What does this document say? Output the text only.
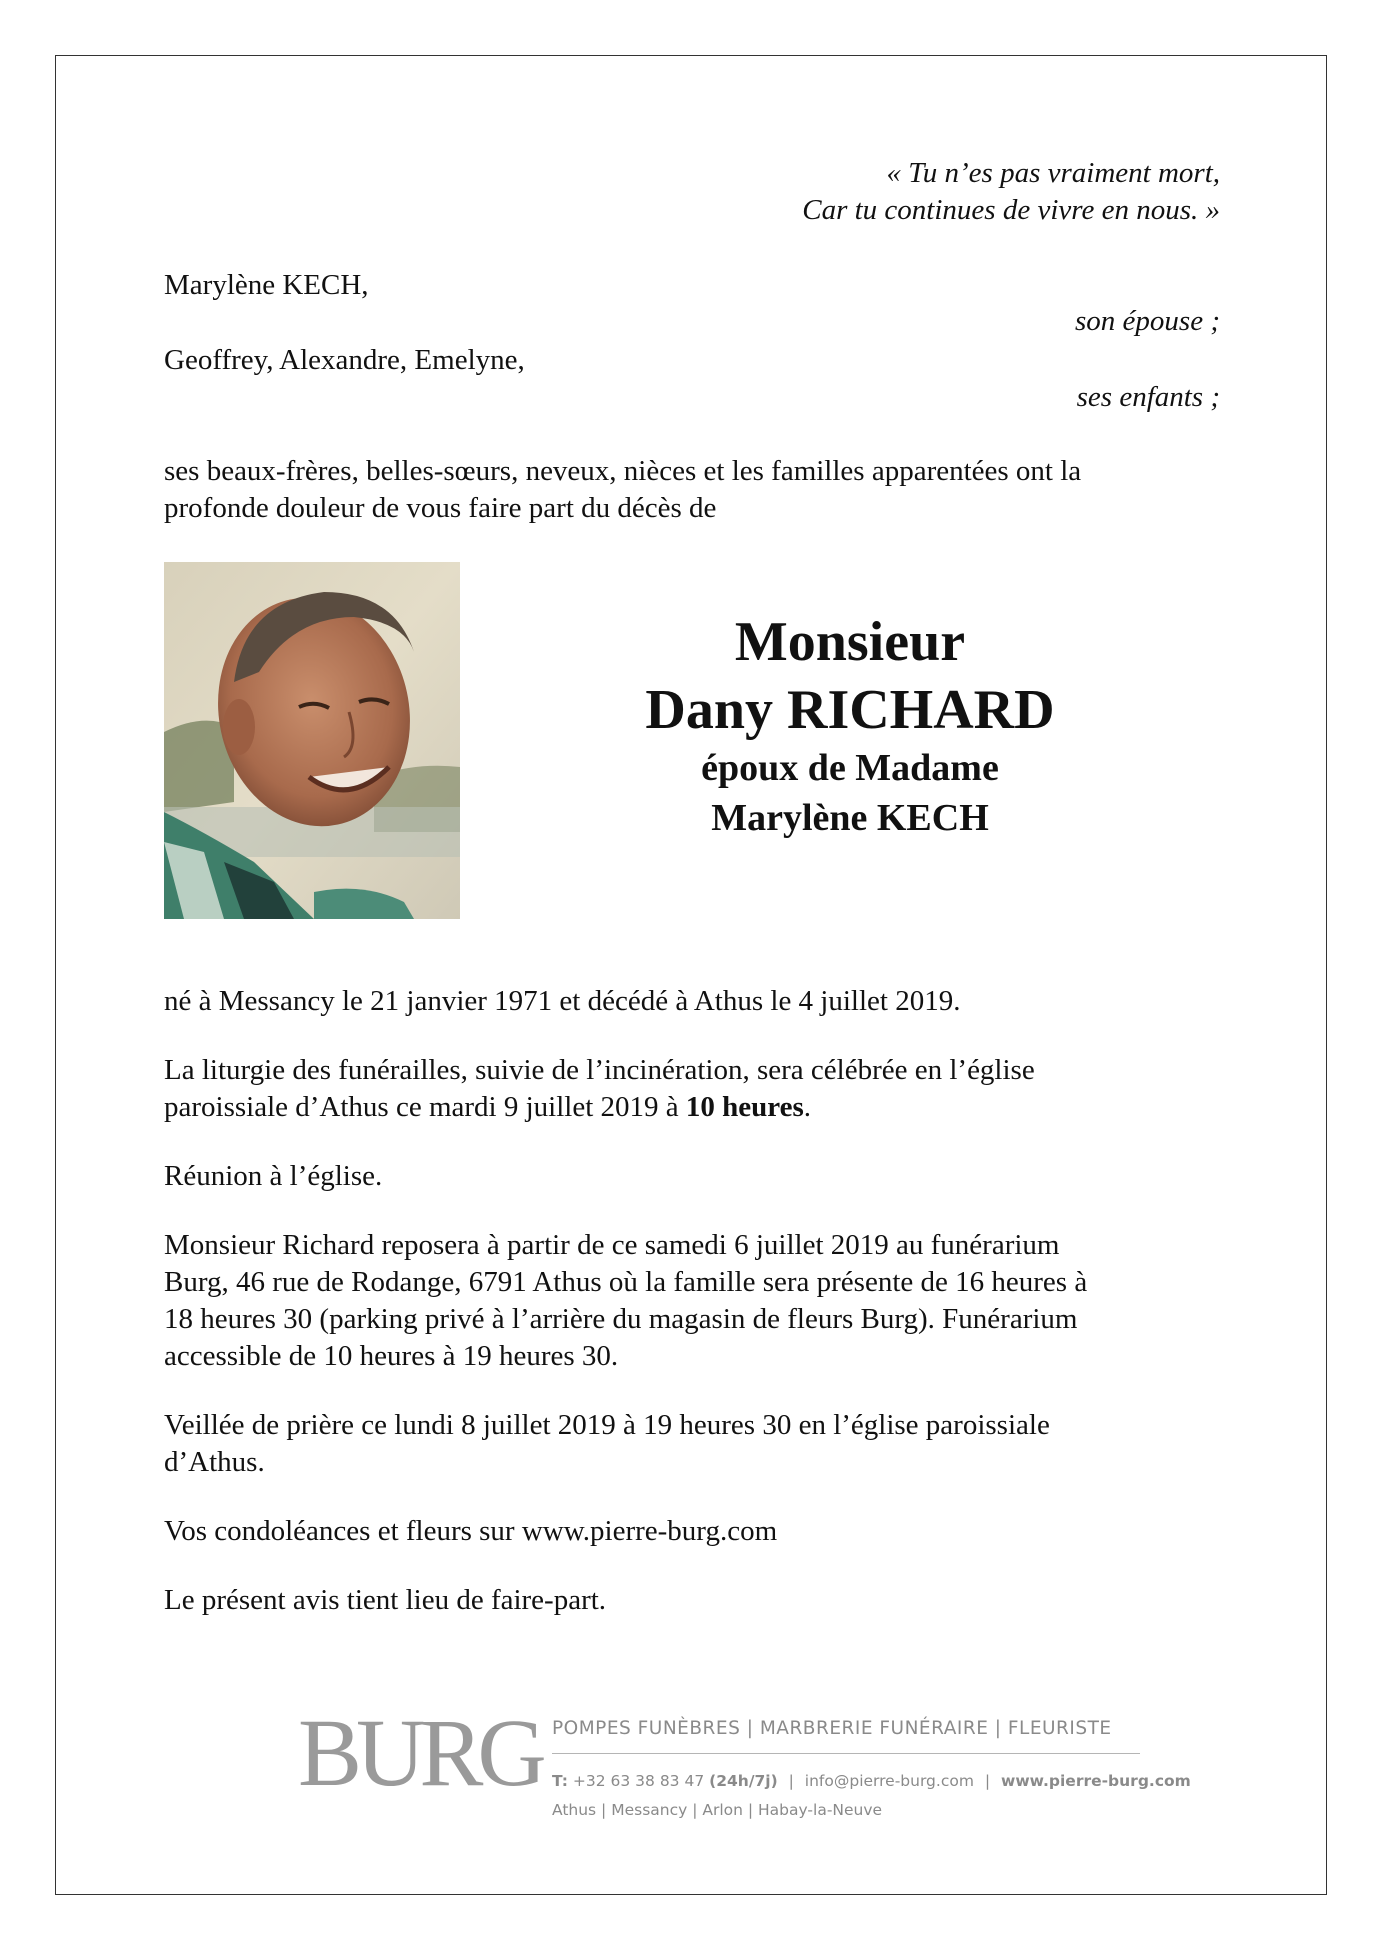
« Tu n’es pas vraiment mort,
Car tu continues de vivre en nous. »
Marylène KECH,
son épouse ;
Geoffrey, Alexandre, Emelyne,
ses enfants ;
ses beaux-frères, belles-sœurs, neveux, nièces et les familles apparentées ont la
profonde douleur de vous faire part du décès de
Monsieur
Dany RICHARD
époux de Madame
Marylène KECH
né à Messancy le 21 janvier 1971 et décédé à Athus le 4 juillet 2019.
La liturgie des funérailles, suivie de l’incinération, sera célébrée en l’église
paroissiale d’Athus ce mardi 9 juillet 2019 à 10 heures.
Réunion à l’église.
Monsieur Richard reposera à partir de ce samedi 6 juillet 2019 au funérarium
Burg, 46 rue de Rodange, 6791 Athus où la famille sera présente de 16 heures à
18 heures 30 (parking privé à l’arrière du magasin de fleurs Burg). Funérarium
accessible de 10 heures à 19 heures 30.
Veillée de prière ce lundi 8 juillet 2019 à 19 heures 30 en l’église paroissiale
d’Athus.
Vos condoléances et fleurs sur www.pierre-burg.com
Le présent avis tient lieu de faire-part.
BURG POMPES FUNÈBRES | MARBRERIE FUNÉRAIRE | FLEURISTE
T: +32 63 38 83 47 (24h/7j) | info@pierre-burg.com | www.pierre-burg.com
Athus | Messancy | Arlon | Habay-la-Neuve
